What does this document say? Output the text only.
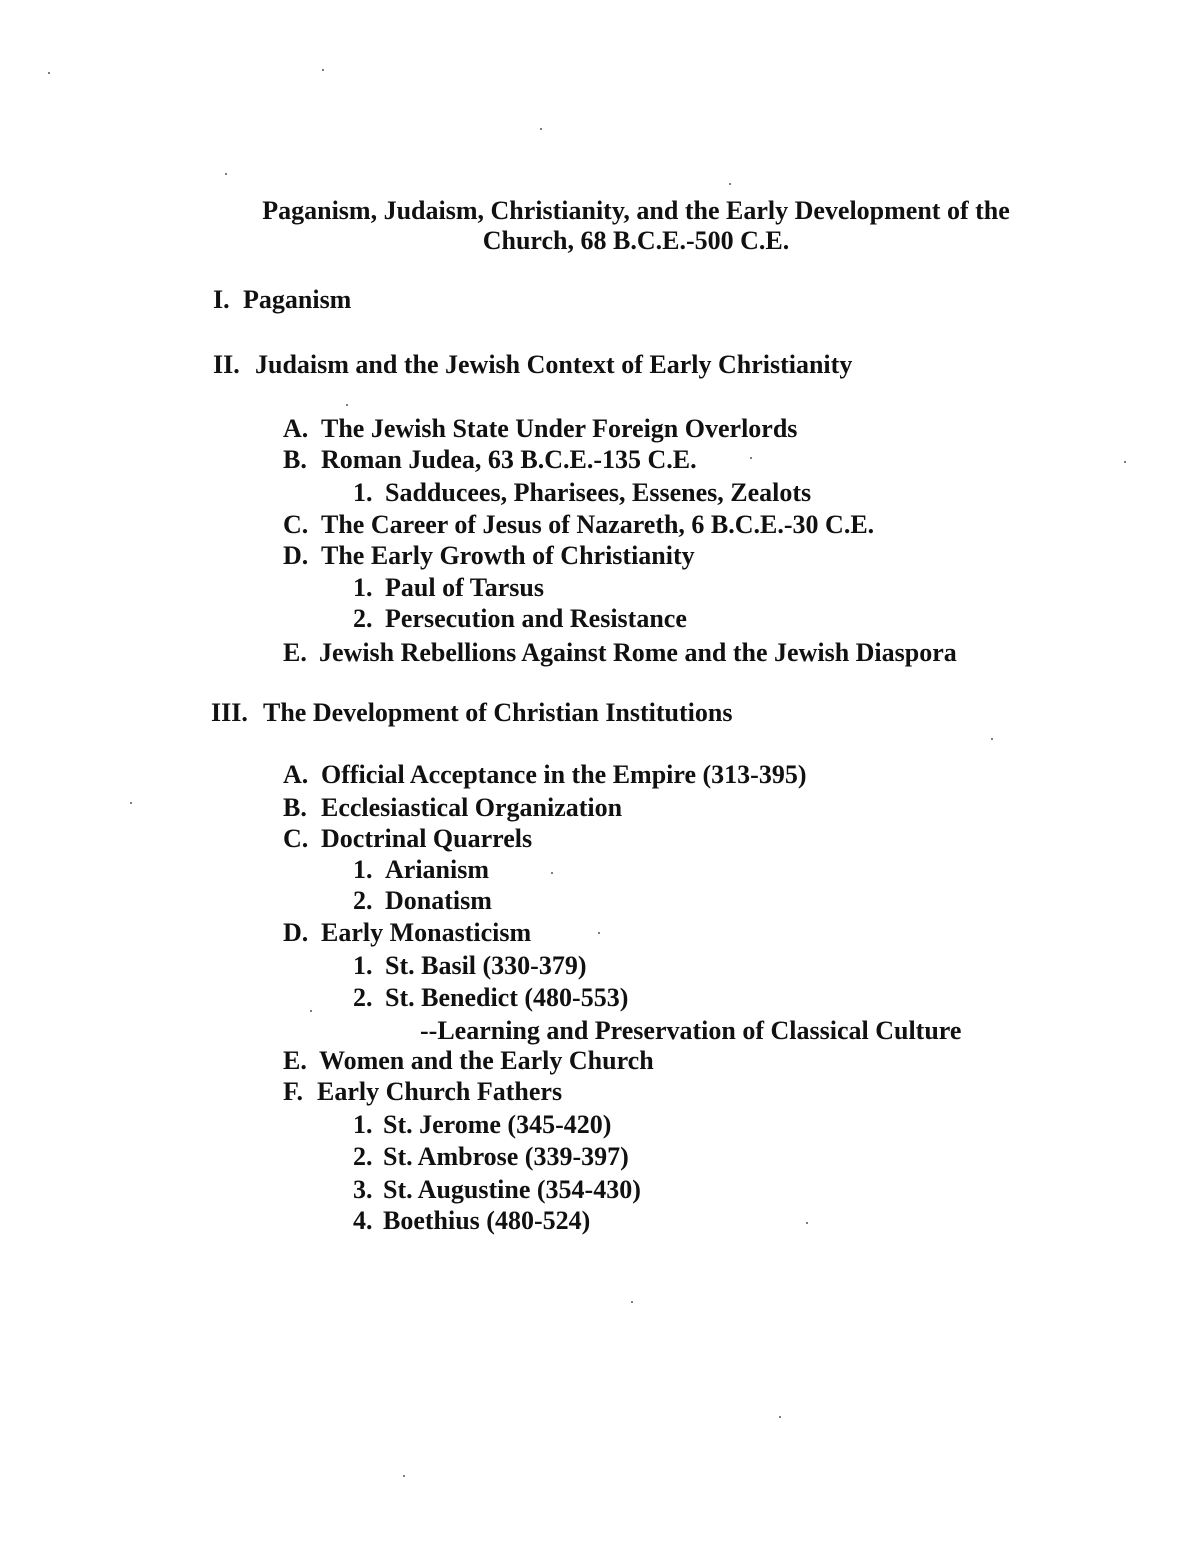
Paganism, Judaism, Christianity, and the Early Development of the
Church, 68 B.C.E.-500 C.E.
I. Paganism
II. Judaism and the Jewish Context of Early Christianity
A. The Jewish State Under Foreign Overlords
B. Roman Judea, 63 B.C.E.-135 C.E.
1. Sadducees, Pharisees, Essenes, Zealots
C. The Career of Jesus of Nazareth, 6 B.C.E.-30 C.E.
D. The Early Growth of Christianity
1. Paul of Tarsus
2. Persecution and Resistance
E. Jewish Rebellions Against Rome and the Jewish Diaspora
III. The Development of Christian Institutions
A. Official Acceptance in the Empire (313-395)
B. Ecclesiastical Organization
C. Doctrinal Quarrels
1. Arianism
2. Donatism
D. Early Monasticism
1. St. Basil (330-379)
2. St. Benedict (480-553)
--Learning and Preservation of Classical Culture
E. Women and the Early Church
F. Early Church Fathers
1. St. Jerome (345-420)
2. St. Ambrose (339-397)
3. St. Augustine (354-430)
4. Boethius (480-524)
